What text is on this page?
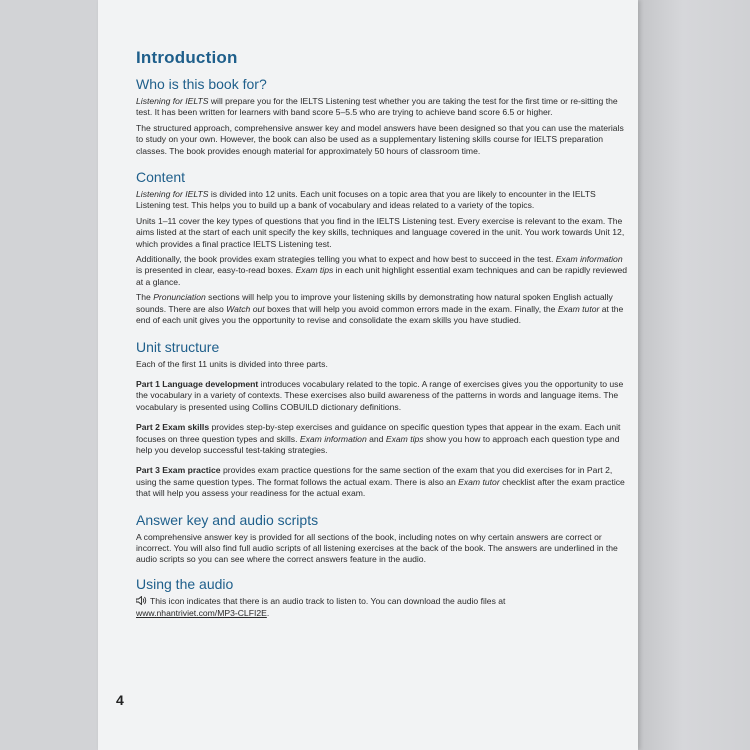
Introduction
Who is this book for?

Listening for IELTS will prepare you for the IELTS Listening test whether you are taking the test for the first time or re-sitting the test. It has been written for learners with band score 5–5.5 who are trying to achieve band score 6.5 or higher.

The structured approach, comprehensive answer key and model answers have been designed so that you can use the materials to study on your own. However, the book can also be used as a supplementary listening skills course for IELTS preparation classes. The book provides enough material for approximately 50 hours of classroom time.

Content

Listening for IELTS is divided into 12 units. Each unit focuses on a topic area that you are likely to encounter in the IELTS Listening test. This helps you to build up a bank of vocabulary and ideas related to a variety of the topics.

Units 1–11 cover the key types of questions that you find in the IELTS Listening test. Every exercise is relevant to the exam. The aims listed at the start of each unit specify the key skills, techniques and language covered in the unit. You work towards Unit 12, which provides a final practice IELTS Listening test.

Additionally, the book provides exam strategies telling you what to expect and how best to succeed in the test. Exam information is presented in clear, easy-to-read boxes. Exam tips in each unit highlight essential exam techniques and can be rapidly reviewed at a glance.

The Pronunciation sections will help you to improve your listening skills by demonstrating how natural spoken English actually sounds. There are also Watch out boxes that will help you avoid common errors made in the exam. Finally, the Exam tutor at the end of each unit gives you the opportunity to revise and consolidate the exam skills you have studied.

Unit structure

Each of the first 11 units is divided into three parts.

Part 1 Language development introduces vocabulary related to the topic. A range of exercises gives you the opportunity to use the vocabulary in a variety of contexts. These exercises also build awareness of the patterns in words and language items. The vocabulary is presented using Collins COBUILD dictionary definitions.

Part 2 Exam skills provides step-by-step exercises and guidance on specific question types that appear in the exam. Each unit focuses on three question types and skills. Exam information and Exam tips show you how to approach each question type and help you develop successful test-taking strategies.

Part 3 Exam practice provides exam practice questions for the same section of the exam that you did exercises for in Part 2, using the same question types. The format follows the actual exam. There is also an Exam tutor checklist after the exam practice that will help you assess your readiness for the actual exam.

Answer key and audio scripts

A comprehensive answer key is provided for all sections of the book, including notes on why certain answers are correct or incorrect. You will also find full audio scripts of all listening exercises at the back of the book. The answers are underlined in the audio scripts so you can see where the correct answers feature in the audio.

Using the audio

This icon indicates that there is an audio track to listen to. You can download the audio files at
www.nhantriviet.com/MP3-CLFI2E.

4
